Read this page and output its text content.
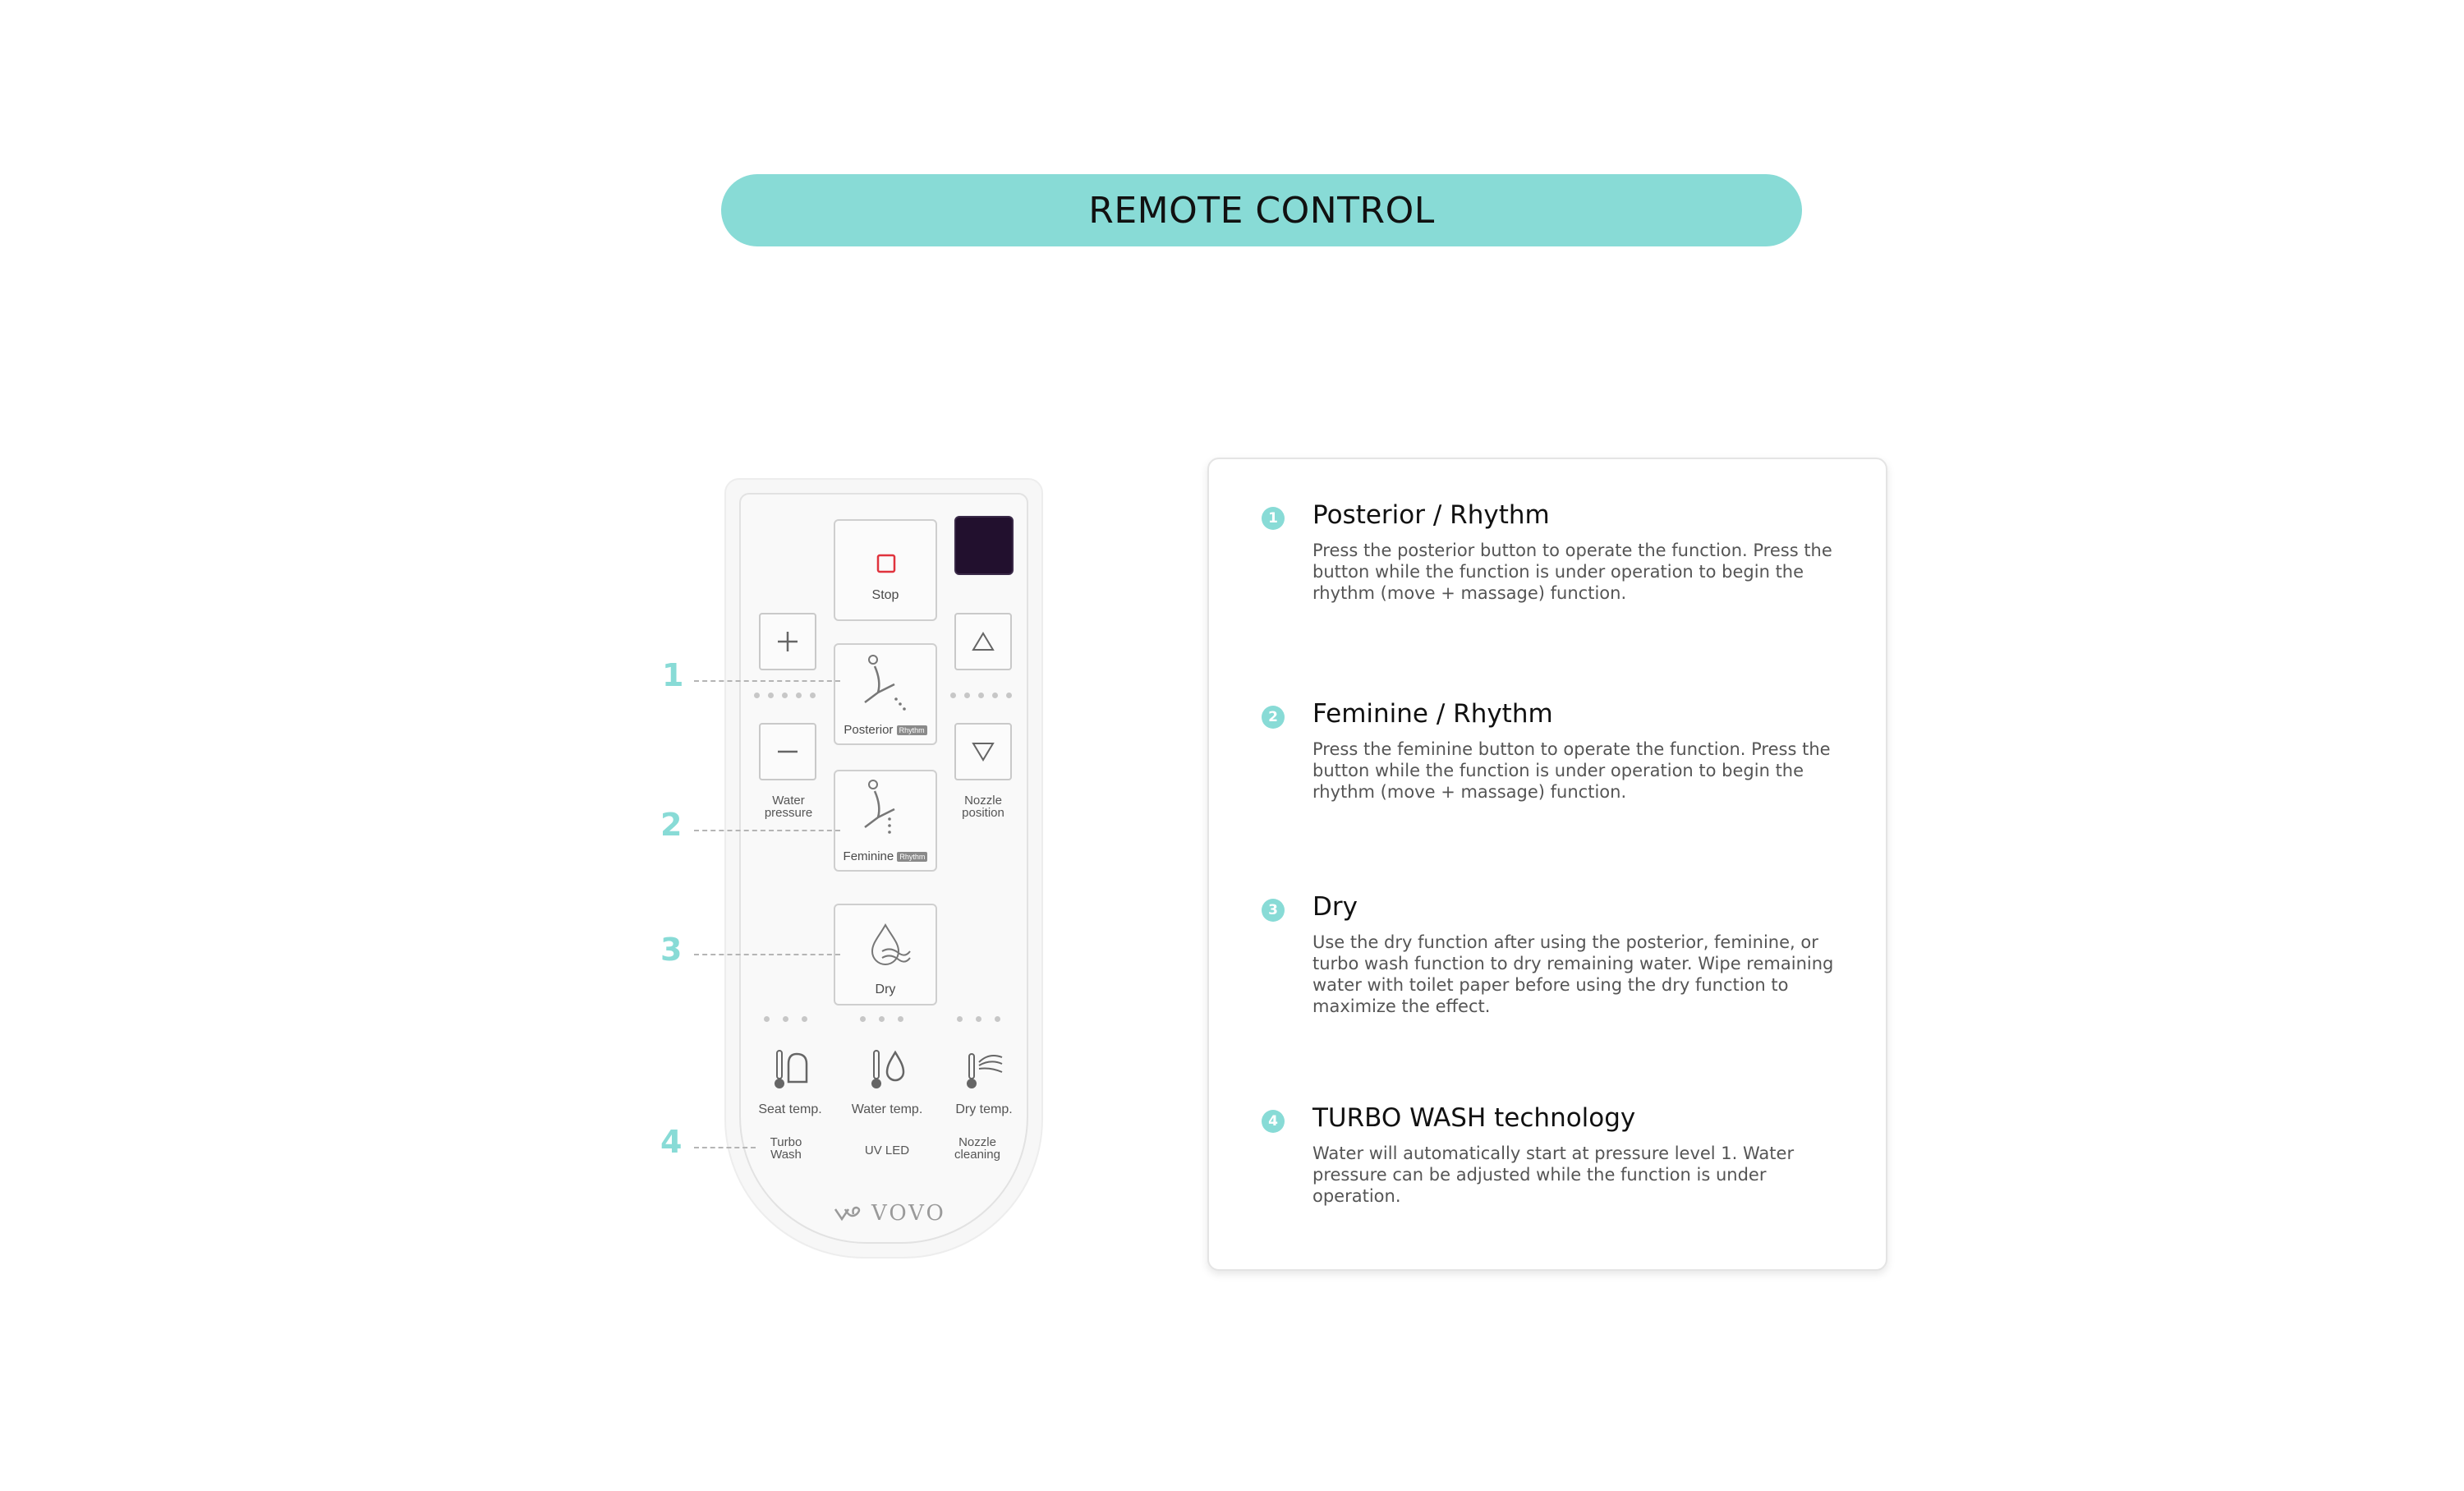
REMOTE CONTROL
Stop
Water pressure
Nozzle position
Posterior Rhythm
Feminine Rhythm
Dry
Seat temp.	Water temp.	Dry temp.
Turbo Wash	UV LED
Nozzle cleaning
VOVO
1
2
3
4
1 Posterior / Rhythm

Press the posterior button to operate the function. Press the button while the function is under operation to begin the rhythm (move + massage) function.

2 Feminine / Rhythm

Press the feminine button to operate the function. Press the button while the function is under operation to begin the rhythm (move + massage) function.

3 Dry

Use the dry function after using the posterior, feminine, or turbo wash function to dry remaining water. Wipe remaining water with toilet paper before using the dry function to maximize the effect.

4 TURBO WASH technology

Water will automatically start at pressure level 1. Water pressure can be adjusted while the function is under operation.
